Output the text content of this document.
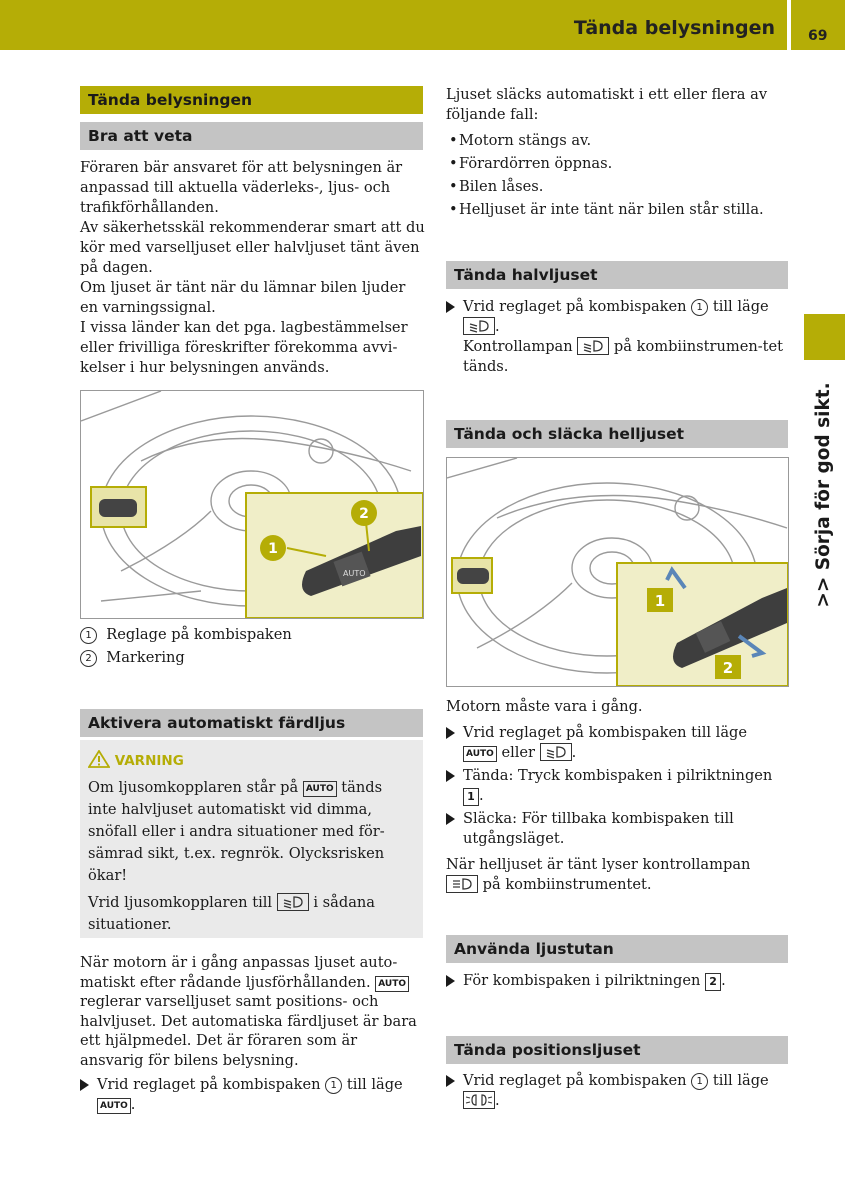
Tända belysningen 69
>> Sörja för god sikt.
Tända belysningen
Bra att veta

Föraren bär ansvaret för att belysningen är anpassad till aktuella väderleks-, ljus- och trafikförhållanden.

Av säkerhetsskäl rekommenderar smart att du kör med varselljuset eller halvljuset tänt även på dagen.

Om ljuset är tänt när du lämnar bilen ljuder en varningssignal.

I vissa länder kan det pga. lagbestämmelser eller frivilliga föreskrifter förekomma avvi-kelser i hur belysningen används.

AUTO
1
2
1 Reglage på kombispaken
2 Markering
Aktivera automatiskt färdljus
VARNING

Om ljusomkopplaren står på AUTO tänds inte halvljuset automatiskt vid dimma, snöfall eller i andra situationer med för-sämrad sikt, t.ex. regnrök. Olycksrisken ökar!

Vrid ljusomkopplaren till	i sådana situationer.

När motorn är i gång anpassas ljuset auto-matiskt efter rådande ljusförhållanden. AUTO reglerar varselljuset samt positions- och halvljuset. Det automatiska färdljuset är bara ett hjälpmedel. Det är föraren som är ansvarig för bilens belysning.
Vrid reglaget på kombispaken 1 till läge
AUTO .
Ljuset släcks automatiskt i ett eller flera av följande fall:
• Motorn stängs av.
• Förardörren öppnas.
• Bilen låses.
• Helljuset är inte tänt när bilen står stilla.
Tända halvljuset
Vrid reglaget på kombispaken 1 till läge
.
Kontrollampan	på kombiinstrumen-tet tänds.
Tända och släcka helljuset
1
2
Motorn måste vara i gång.
Vrid reglaget på kombispaken till läge
AUTO eller	.
Tända: Tryck kombispaken i pilriktningen
1 .
Släcka: För tillbaka kombispaken till utgångsläget.
När helljuset är tänt lyser kontrollampan
på kombiinstrumentet.
Använda ljustutan
För kombispaken i pilriktningen 2 .
Tända positionsljuset
Vrid reglaget på kombispaken 1 till läge
.
